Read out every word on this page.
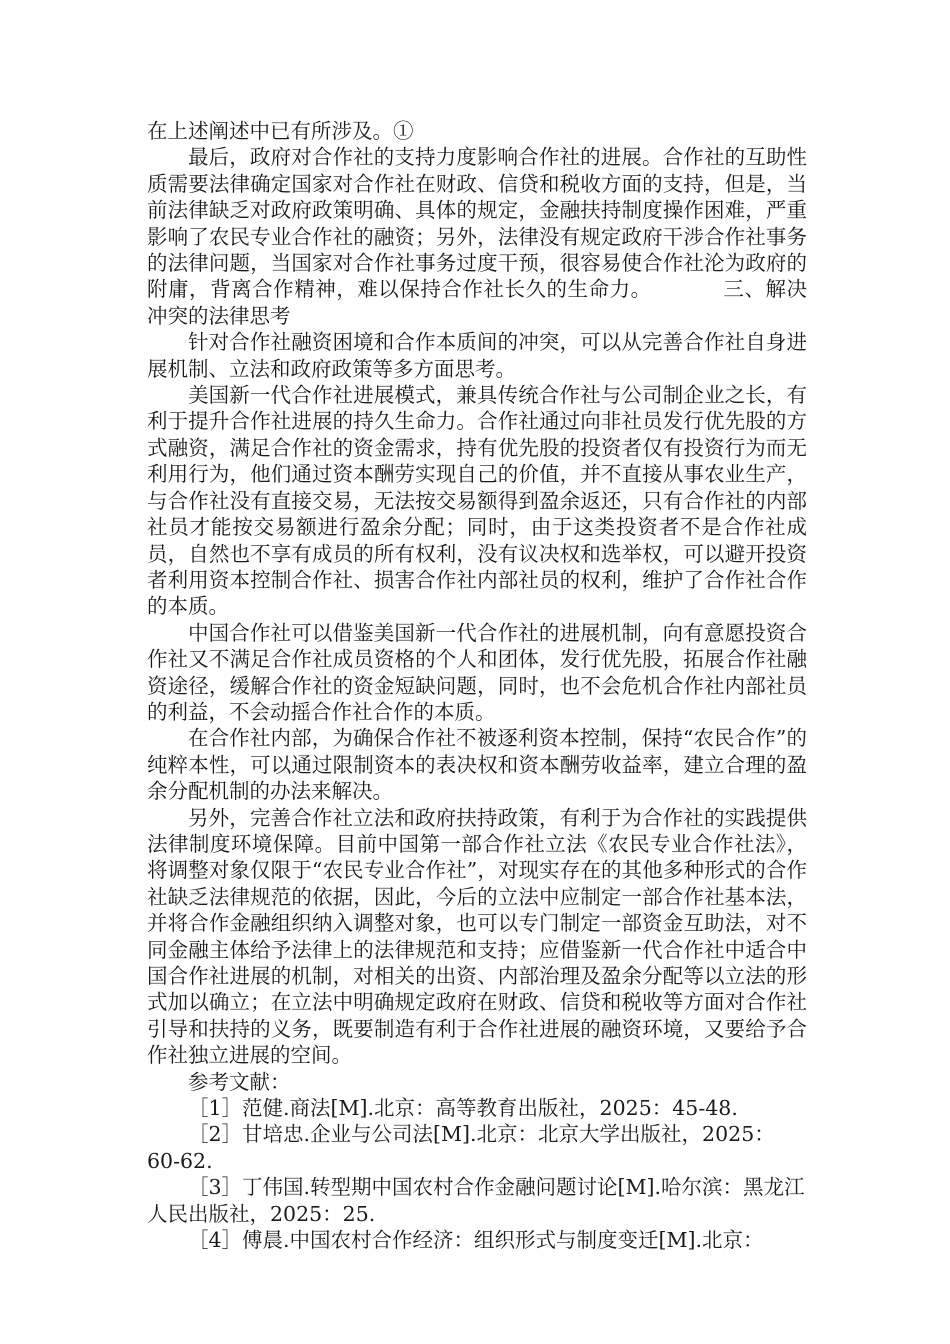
在上述阐述中已有所涉及。①

最后，政府对合作社的支持力度影响合作社的进展。合作社的互助性质需要法律确定国家对合作社在财政、信贷和税收方面的支持，但是，当前法律缺乏对政府政策明确、具体的规定，金融扶持制度操作困难，严重影响了农民专业合作社的融资；另外，法律没有规定政府干涉合作社事务的法律问题，当国家对合作社事务过度干预，很容易使合作社沦为政府的附庸，背离合作精神，难以保持合作社长久的生命力。	三、解决冲突的法律思考

针对合作社融资困境和合作本质间的冲突，可以从完善合作社自身进展机制、立法和政府政策等多方面思考。

美国新一代合作社进展模式，兼具传统合作社与公司制企业之长，有利于提升合作社进展的持久生命力。合作社通过向非社员发行优先股的方式融资，满足合作社的资金需求，持有优先股的投资者仅有投资行为而无利用行为，他们通过资本酬劳实现自己的价值，并不直接从事农业生产，与合作社没有直接交易，无法按交易额得到盈余返还，只有合作社的内部社员才能按交易额进行盈余分配；同时，由于这类投资者不是合作社成员，自然也不享有成员的所有权利，没有议决权和选举权，可以避开投资者利用资本控制合作社、损害合作社内部社员的权利，维护了合作社合作的本质。

中国合作社可以借鉴美国新一代合作社的进展机制，向有意愿投资合作社又不满足合作社成员资格的个人和团体，发行优先股，拓展合作社融资途径，缓解合作社的资金短缺问题，同时，也不会危机合作社内部社员的利益，不会动摇合作社合作的本质。

在合作社内部，为确保合作社不被逐利资本控制，保持“农民合作”的纯粹本性，可以通过限制资本的表决权和资本酬劳收益率，建立合理的盈余分配机制的办法来解决。

另外，完善合作社立法和政府扶持政策，有利于为合作社的实践提供法律制度环境保障。目前中国第一部合作社立法《农民专业合作社法》，将调整对象仅限于“农民专业合作社”，对现实存在的其他多种形式的合作社缺乏法律规范的依据，因此，今后的立法中应制定一部合作社基本法，并将合作金融组织纳入调整对象，也可以专门制定一部资金互助法，对不同金融主体给予法律上的法律规范和支持；应借鉴新一代合作社中适合中国合作社进展的机制，对相关的出资、内部治理及盈余分配等以立法的形式加以确立；在立法中明确规定政府在财政、信贷和税收等方面对合作社引导和扶持的义务，既要制造有利于合作社进展的融资环境，又要给予合作社独立进展的空间。

参考文献：

［1］范健.商法[M].北京：高等教育出版社，2025：45-48.

［2］甘培忠.企业与公司法[M].北京：北京大学出版社，2025：60-62.

［3］丁伟国.转型期中国农村合作金融问题讨论[M].哈尔滨：黑龙江人民出版社，2025：25.

［4］傅晨.中国农村合作经济：组织形式与制度变迁[M].北京：
